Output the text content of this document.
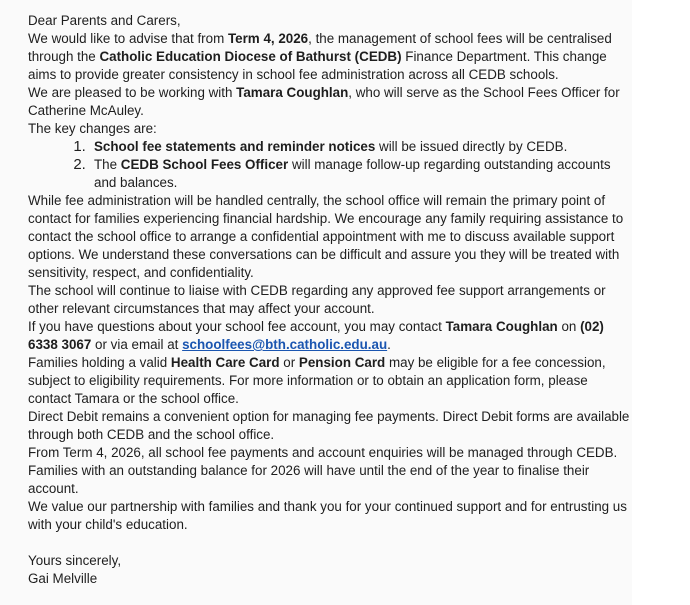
Dear Parents and Carers,

We would like to advise that from Term 4, 2026, the management of school fees will be centralised through the Catholic Education Diocese of Bathurst (CEDB) Finance Department. This change aims to provide greater consistency in school fee administration across all CEDB schools.

We are pleased to be working with Tamara Coughlan, who will serve as the School Fees Officer for Catherine McAuley.

The key changes are:

1. School fee statements and reminder notices will be issued directly by CEDB.
2. The CEDB School Fees Officer will manage follow-up regarding outstanding accounts and balances.

While fee administration will be handled centrally, the school office will remain the primary point of contact for families experiencing financial hardship. We encourage any family requiring assistance to contact the school office to arrange a confidential appointment with me to discuss available support options. We understand these conversations can be difficult and assure you they will be treated with sensitivity, respect, and confidentiality.

The school will continue to liaise with CEDB regarding any approved fee support arrangements or other relevant circumstances that may affect your account.

If you have questions about your school fee account, you may contact Tamara Coughlan on (02) 6338 3067 or via email at schoolfees@bth.catholic.edu.au.

Families holding a valid Health Care Card or Pension Card may be eligible for a fee concession, subject to eligibility requirements. For more information or to obtain an application form, please contact Tamara or the school office.

Direct Debit remains a convenient option for managing fee payments. Direct Debit forms are available through both CEDB and the school office.

From Term 4, 2026, all school fee payments and account enquiries will be managed through CEDB. Families with an outstanding balance for 2026 will have until the end of the year to finalise their account.

We value our partnership with families and thank you for your continued support and for entrusting us with your child's education.

Yours sincerely,

Gai Melville
